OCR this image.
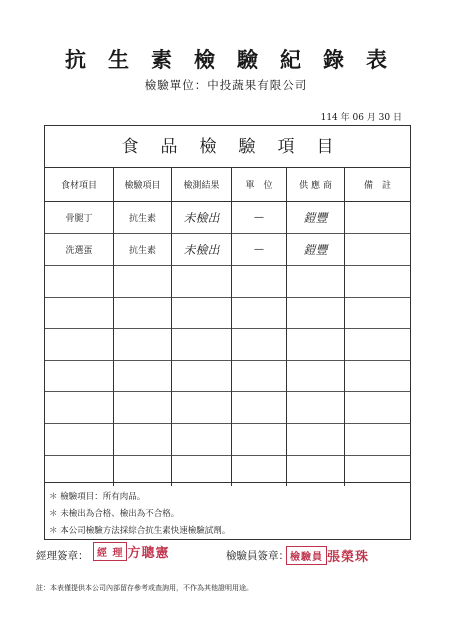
抗生素檢驗紀錄表
檢驗單位：中投蔬果有限公司
114 年 06 月 30 日
食品檢驗項目
食材項目	檢驗項目	檢測結果	單　位	供 應 商	備　註
骨腿丁	抗生素	未檢出	—	鎧豐
洗選蛋	抗生素	未檢出	—	鎧豐
＊ 檢驗項目：所有肉品。
＊ 未檢出為合格、檢出為不合格。
＊ 本公司檢驗方法採綜合抗生素快速檢驗試劑。
經理簽章： 經 理 方聰憲	檢驗員簽章： 檢驗員 張榮珠
註：本表僅提供本公司內部留存參考或查詢用，不作為其他證明用途。
